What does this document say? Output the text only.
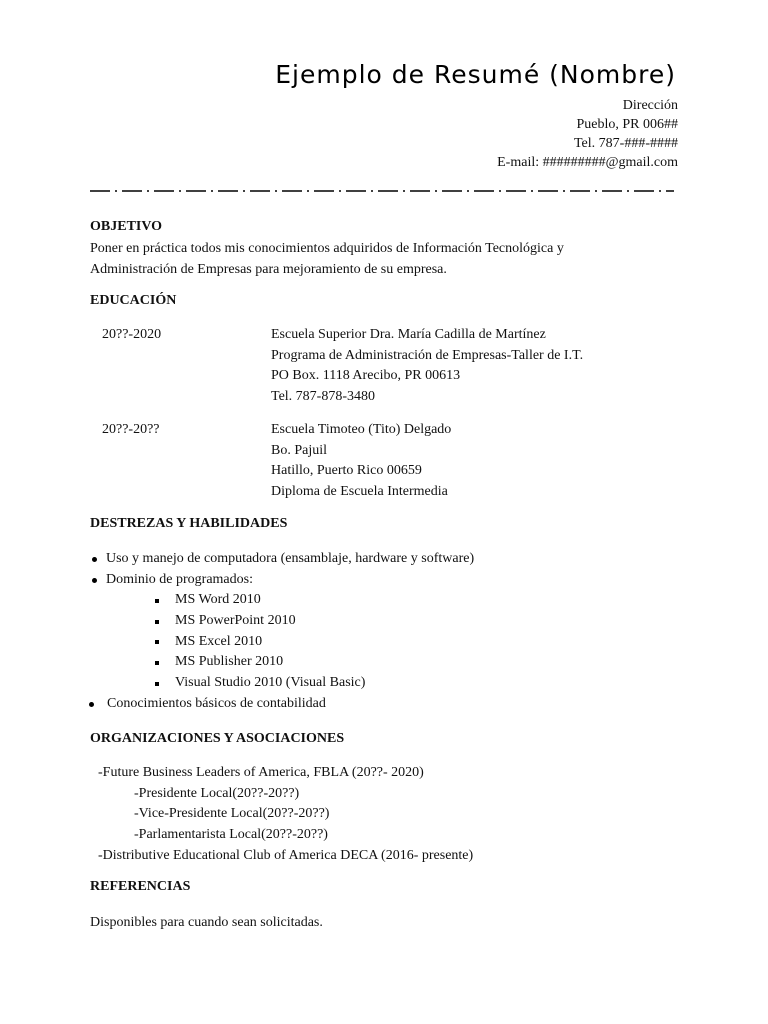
Ejemplo de Resumé (Nombre)
Dirección
Pueblo, PR 006##
Tel. 787-###-####
E-mail: #########@gmail.com
OBJETIVO
Poner en práctica todos mis conocimientos adquiridos de Información Tecnológica y
Administración de Empresas para mejoramiento de su empresa.
EDUCACIÓN
20??-2020	Escuela Superior Dra. María Cadilla de Martínez
Programa de Administración de Empresas-Taller de I.T.
PO Box. 1118 Arecibo, PR 00613
Tel. 787-878-3480
20??-20??	Escuela Timoteo (Tito) Delgado
Bo. Pajuil
Hatillo, Puerto Rico 00659
Diploma de Escuela Intermedia
DESTREZAS Y HABILIDADES
Uso y manejo de computadora (ensamblaje, hardware y software)
Dominio de programados:
MS Word 2010
MS PowerPoint 2010
MS Excel 2010
MS Publisher 2010
Visual Studio 2010 (Visual Basic)
Conocimientos básicos de contabilidad
ORGANIZACIONES Y ASOCIACIONES
-Future Business Leaders of America, FBLA (20??- 2020)
-Presidente Local(20??-20??)
-Vice-Presidente Local(20??-20??)
-Parlamentarista Local(20??-20??)
-Distributive Educational Club of America DECA (2016- presente)
REFERENCIAS
Disponibles para cuando sean solicitadas.
